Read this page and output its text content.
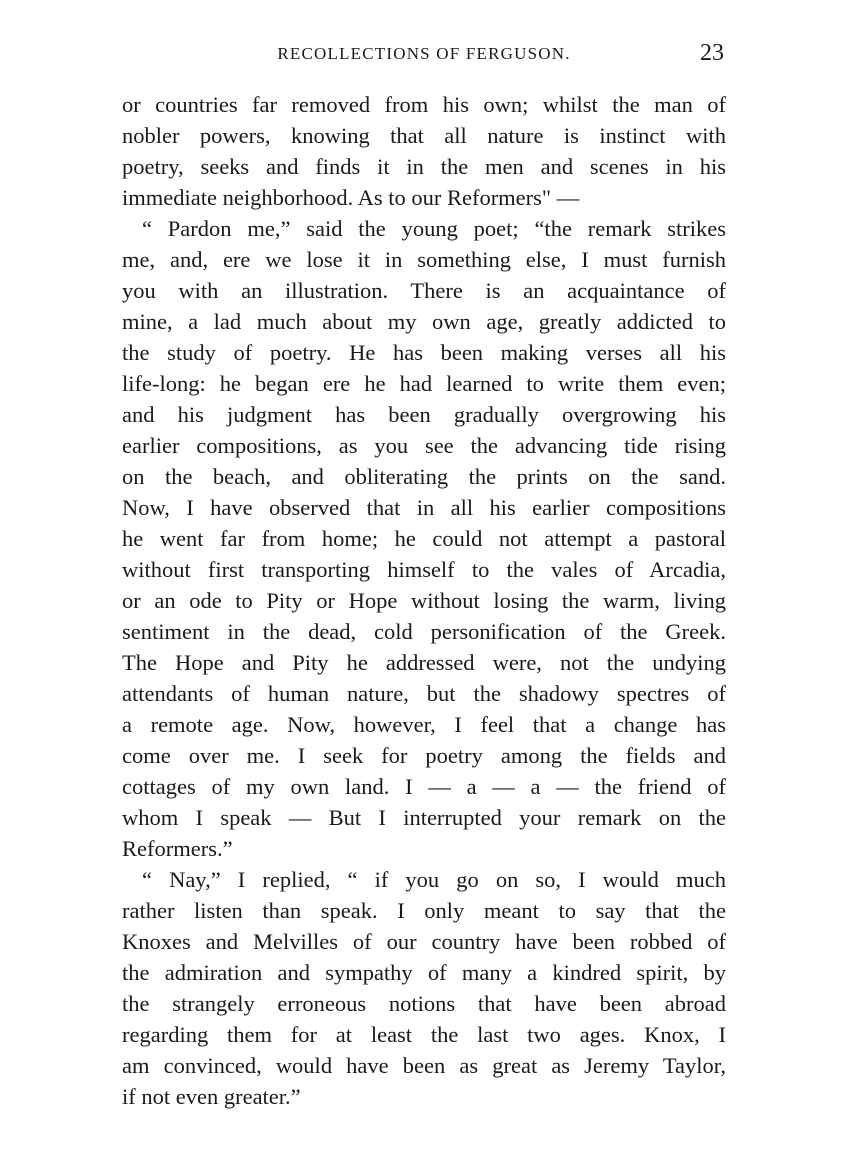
RECOLLECTIONS OF FERGUSON.	23
or countries far removed from his own; whilst the man of
nobler powers, knowing that all nature is instinct with
poetry, seeks and finds it in the men and scenes in his
immediate neighborhood. As to our Reformers" —
“ Pardon me,” said the young poet; “the remark strikes
me, and, ere we lose it in something else, I must furnish
you with an illustration. There is an acquaintance of
mine, a lad much about my own age, greatly addicted to
the study of poetry. He has been making verses all his
life-long: he began ere he had learned to write them even;
and his judgment has been gradually overgrowing his
earlier compositions, as you see the advancing tide rising
on the beach, and obliterating the prints on the sand.
Now, I have observed that in all his earlier compositions
he went far from home; he could not attempt a pastoral
without first transporting himself to the vales of Arcadia,
or an ode to Pity or Hope without losing the warm, living
sentiment in the dead, cold personification of the Greek.
The Hope and Pity he addressed were, not the undying
attendants of human nature, but the shadowy spectres of
a remote age. Now, however, I feel that a change has
come over me. I seek for poetry among the fields and
cottages of my own land. I — a — a — the friend of
whom I speak — But I interrupted your remark on the
Reformers.”
“ Nay,” I replied, “ if you go on so, I would much
rather listen than speak. I only meant to say that the
Knoxes and Melvilles of our country have been robbed of
the admiration and sympathy of many a kindred spirit, by
the strangely erroneous notions that have been abroad
regarding them for at least the last two ages. Knox, I
am convinced, would have been as great as Jeremy Taylor,
if not even greater.”
